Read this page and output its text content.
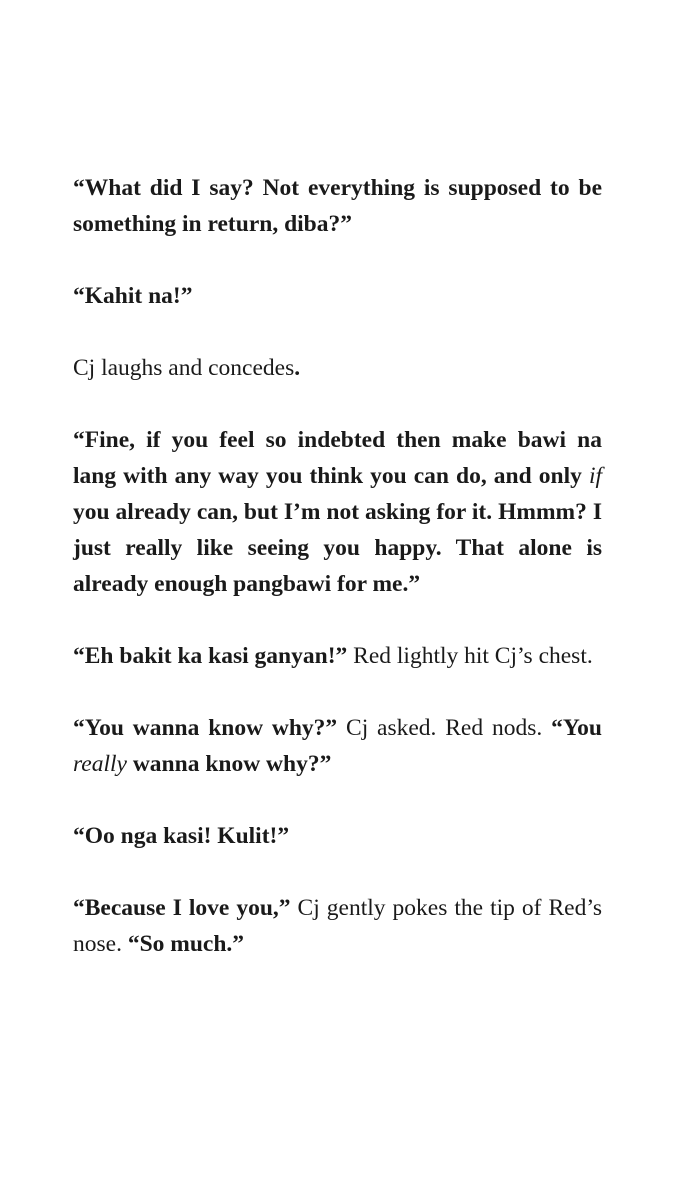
“What did I say? Not everything is supposed to be something in return, diba?”

“Kahit na!”

Cj laughs and concedes.

“Fine, if you feel so indebted then make bawi na lang with any way you think you can do, and only if you already can, but I’m not asking for it. Hmmm? I just really like seeing you happy. That alone is already enough pangbawi for me.”

“Eh bakit ka kasi ganyan!” Red lightly hit Cj’s chest.

“You wanna know why?” Cj asked. Red nods. “You really wanna know why?”

“Oo nga kasi! Kulit!”

“Because I love you,” Cj gently pokes the tip of Red’s nose. “So much.”
